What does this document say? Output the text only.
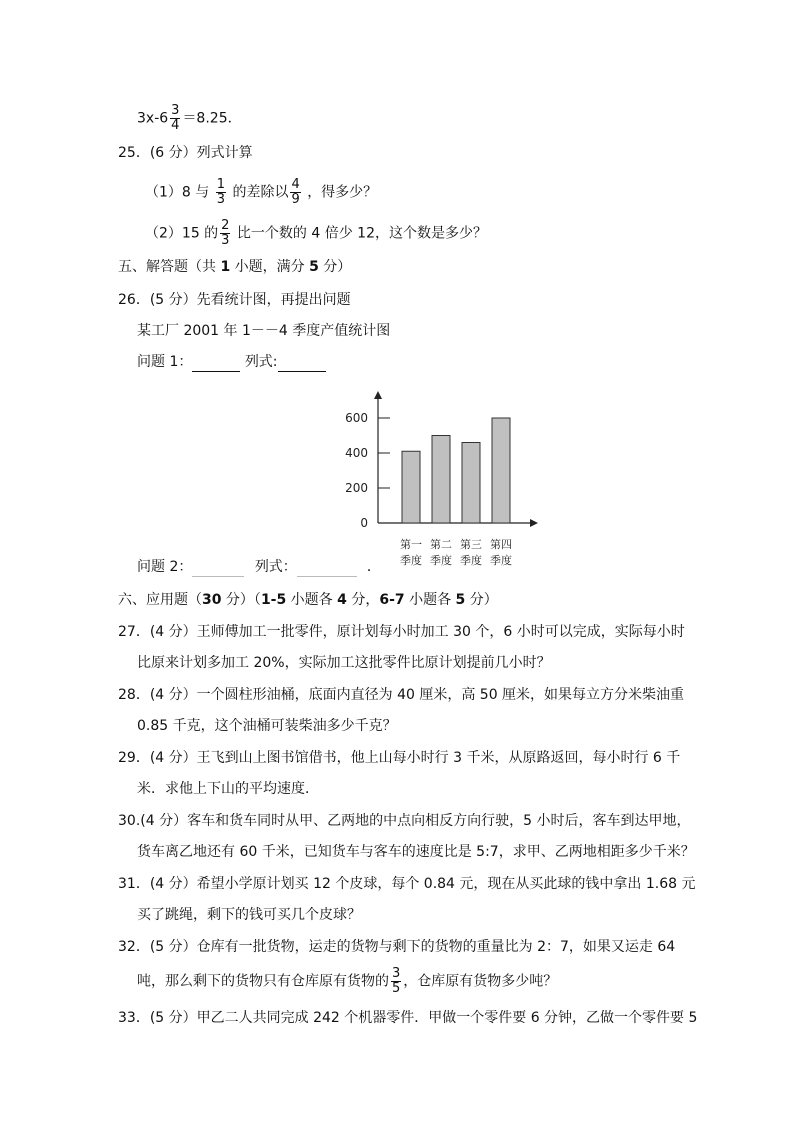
$3x-6 \frac{3}{4} =8.25$．
25．(6 分）列式计算
（1）8 与 $\frac{1}{3}$ 的差除以 $\frac{4}{9}$ ，得多少？
（2）15 的 $\frac{2}{3}$ 比一个数的 4 倍少 12，这个数是多少？
五、解答题（共 1 小题，满分 5 分）
26．(5 分）先看统计图，再提出问题
某工厂 2001 年 1－－4 季度产值统计图
问题 1：	列式:
0
200
400
600
第一
季度
第二
季度
第三
季度
第四
季度
问题 2：	列式：	．
六、应用题（30 分）（1-5 小题各 4 分，6-7 小题各 5 分）
27．(4 分）王师傅加工一批零件，原计划每小时加工 30 个，6 小时可以完成，实际每小时
比原来计划多加工 20%，实际加工这批零件比原计划提前几小时？
28．(4 分）一个圆柱形油桶，底面内直径为 40 厘米，高 50 厘米，如果每立方分米柴油重
0.85 千克，这个油桶可装柴油多少千克？
29．(4 分）王飞到山上图书馆借书，他上山每小时行 3 千米，从原路返回，每小时行 6 千
米．求他上下山的平均速度．
30.(4 分）客车和货车同时从甲、乙两地的中点向相反方向行驶，5 小时后，客车到达甲地，
货车离乙地还有 60 千米，已知货车与客车的速度比是 5:7，求甲、乙两地相距多少千米？
31．(4 分）希望小学原计划买 12 个皮球，每个 0.84 元，现在从买此球的钱中拿出 1.68 元
买了跳绳，剩下的钱可买几个皮球？
32．(5 分）仓库有一批货物，运走的货物与剩下的货物的重量比为 2：7，如果又运走 64
吨，那么剩下的货物只有仓库原有货物的 $\frac{3}{5}$ ，仓库原有货物多少吨？
33．(5 分）甲乙二人共同完成 242 个机器零件．甲做一个零件要 6 分钟，乙做一个零件要 5
